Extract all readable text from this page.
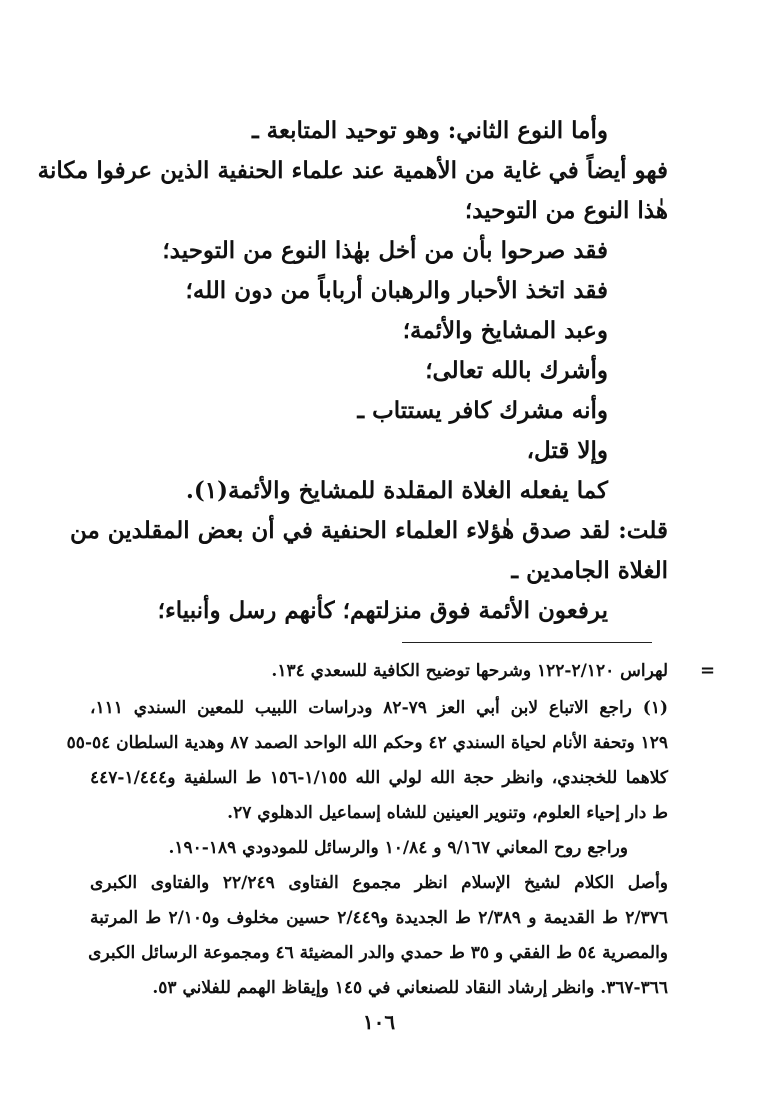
وأما النوع الثاني: وهو توحيد المتابعة ـ
فهو أيضاً في غاية من الأهمية عند علماء الحنفية الذين عرفوا مكانة
هٰذا النوع من التوحيد؛
فقد صرحوا بأن من أخل بهٰذا النوع من التوحيد؛
فقد اتخذ الأحبار والرهبان أرباباً من دون الله؛
وعبد المشايخ والأئمة؛
وأشرك بالله تعالى؛
وأنه مشرك كافر يستتاب ـ
وإلا قتل،
كما يفعله الغلاة المقلدة للمشايخ والأئمة(١).
قلت: لقد صدق هٰؤلاء العلماء الحنفية في أن بعض المقلدين من
الغلاة الجامدين ـ
يرفعون الأئمة فوق منزلتهم؛ كأنهم رسل وأنبياء؛
=
لهراس ٢/١٢٠-١٢٢ وشرحها توضيح الكافية للسعدي ١٣٤.
(١) راجع الاتباع لابن أبي العز ٧٩-٨٢ ودراسات اللبيب للمعين السندي ١١١،
١٢٩ وتحفة الأنام لحياة السندي ٤٢ وحكم الله الواحد الصمد ٨٧ وهدية السلطان ٥٤-٥٥
كلاهما للخجندي، وانظر حجة الله لولي الله ١/١٥٥-١٥٦ ط السلفية و١/٤٤٤-٤٤٧
ط دار إحياء العلوم، وتنوير العينين للشاه إسماعيل الدهلوي ٢٧.
وراجع روح المعاني ٩/١٦٧ و ١٠/٨٤ والرسائل للمودودي ١٨٩-١٩٠.
وأصل الكلام لشيخ الإسلام انظر مجموع الفتاوى ٢٢/٢٤٩ والفتاوى الكبرى
٢/٣٧٦ ط القديمة و ٢/٣٨٩ ط الجديدة و٢/٤٤٩ حسين مخلوف و٢/١٠٥ ط المرتبة
والمصرية ٥٤ ط الفقي و ٣٥ ط حمدي والدر المضيئة ٤٦ ومجموعة الرسائل الكبرى
٣٦٦-٣٦٧. وانظر إرشاد النقاد للصنعاني في ١٤٥ وإيقاظ الهمم للفلاني ٥٣.
١٠٦
